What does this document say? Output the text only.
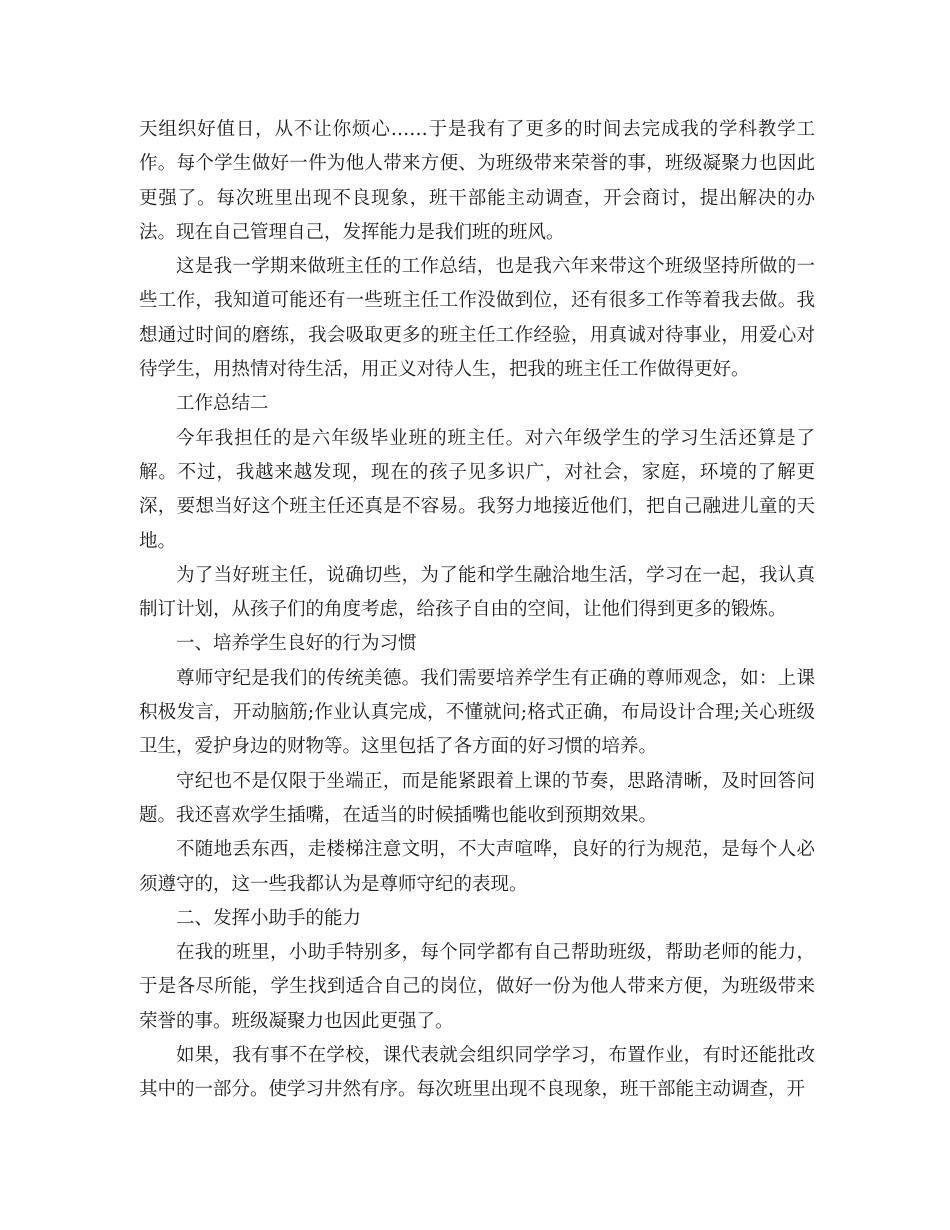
天组织好值日，从不让你烦心……于是我有了更多的时间去完成我的学科教学工作。每个学生做好一件为他人带来方便、为班级带来荣誉的事，班级凝聚力也因此更强了。每次班里出现不良现象，班干部能主动调查，开会商讨，提出解决的办法。现在自己管理自己，发挥能力是我们班的班风。

这是我一学期来做班主任的工作总结，也是我六年来带这个班级坚持所做的一些工作，我知道可能还有一些班主任工作没做到位，还有很多工作等着我去做。我想通过时间的磨练，我会吸取更多的班主任工作经验，用真诚对待事业，用爱心对待学生，用热情对待生活，用正义对待人生，把我的班主任工作做得更好。

工作总结二

今年我担任的是六年级毕业班的班主任。对六年级学生的学习生活还算是了解。不过，我越来越发现，现在的孩子见多识广，对社会，家庭，环境的了解更深，要想当好这个班主任还真是不容易。我努力地接近他们，把自己融进儿童的天地。

为了当好班主任，说确切些，为了能和学生融洽地生活，学习在一起，我认真制订计划，从孩子们的角度考虑，给孩子自由的空间，让他们得到更多的锻炼。

一、培养学生良好的行为习惯

尊师守纪是我们的传统美德。我们需要培养学生有正确的尊师观念，如：上课积极发言，开动脑筋;作业认真完成，不懂就问;格式正确，布局设计合理;关心班级卫生，爱护身边的财物等。这里包括了各方面的好习惯的培养。

守纪也不是仅限于坐端正，而是能紧跟着上课的节奏，思路清晰，及时回答问题。我还喜欢学生插嘴，在适当的时候插嘴也能收到预期效果。

不随地丢东西，走楼梯注意文明，不大声喧哗，良好的行为规范，是每个人必须遵守的，这一些我都认为是尊师守纪的表现。

二、发挥小助手的能力

在我的班里，小助手特别多，每个同学都有自己帮助班级，帮助老师的能力，于是各尽所能，学生找到适合自己的岗位，做好一份为他人带来方便，为班级带来荣誉的事。班级凝聚力也因此更强了。

如果，我有事不在学校，课代表就会组织同学学习，布置作业，有时还能批改其中的一部分。使学习井然有序。每次班里出现不良现象，班干部能主动调查，开
